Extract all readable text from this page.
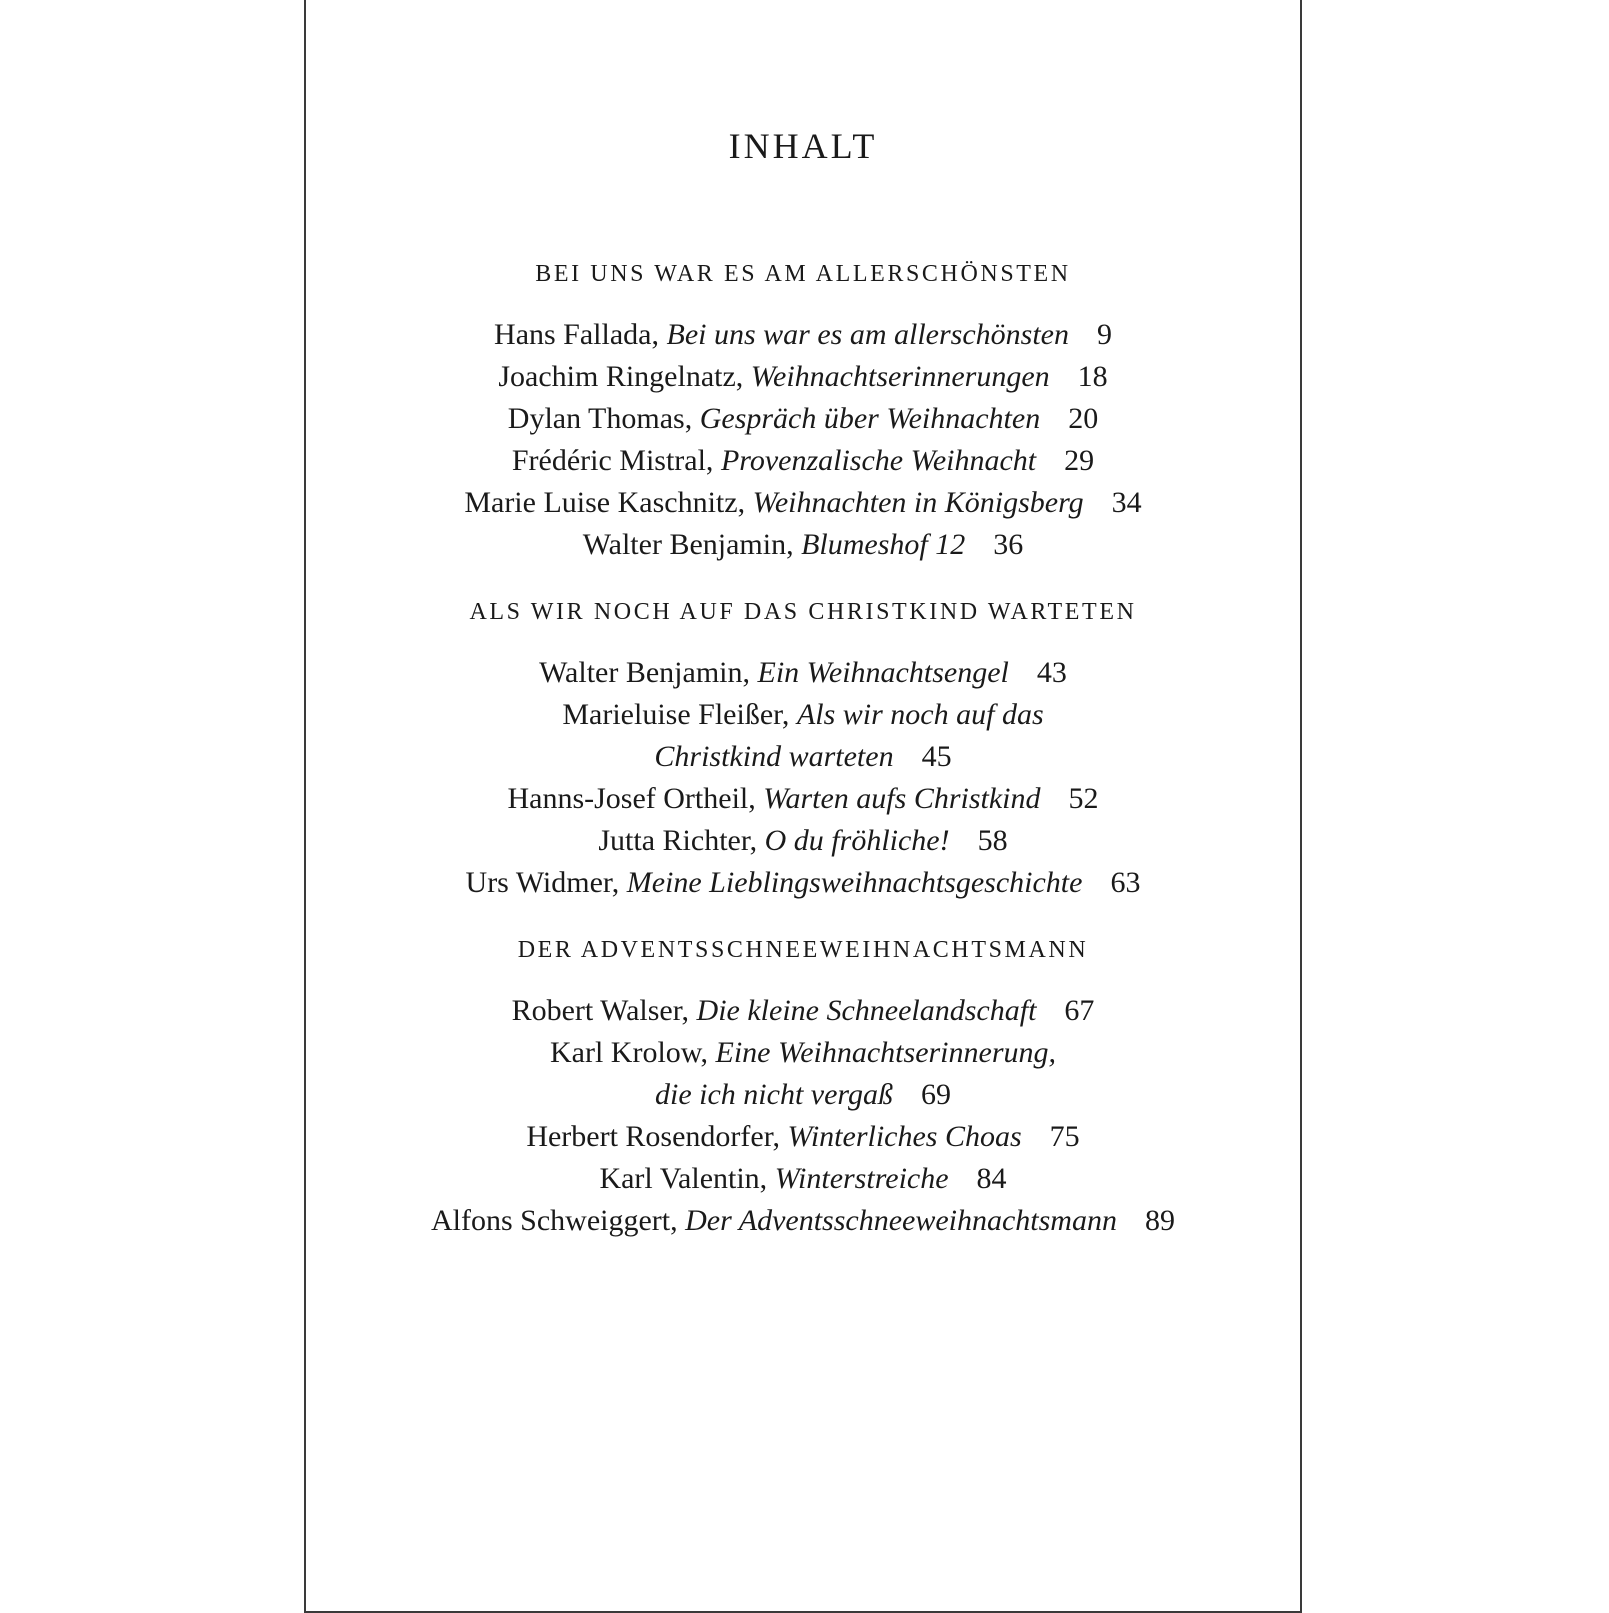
INHALT
BEI UNS WAR ES AM ALLERSCHÖNSTEN

Hans Fallada, Bei uns war es am allerschönsten 9

Joachim Ringelnatz, Weihnachtserinnerungen 18

Dylan Thomas, Gespräch über Weihnachten 20

Frédéric Mistral, Provenzalische Weihnacht 29

Marie Luise Kaschnitz, Weihnachten in Königsberg 34

Walter Benjamin, Blumeshof 12 36

ALS WIR NOCH AUF DAS CHRISTKIND WARTETEN

Walter Benjamin, Ein Weihnachtsengel 43

Marieluise Fleißer, Als wir noch auf das
Christkind warteten 45

Hanns-Josef Ortheil, Warten aufs Christkind 52

Jutta Richter, O du fröhliche! 58

Urs Widmer, Meine Lieblingsweihnachtsgeschichte 63

DER ADVENTSSCHNEEWEIHNACHTSMANN

Robert Walser, Die kleine Schneelandschaft 67

Karl Krolow, Eine Weihnachtserinnerung,
die ich nicht vergaß 69

Herbert Rosendorfer, Winterliches Choas 75

Karl Valentin, Winterstreiche 84

Alfons Schweiggert, Der Adventsschneeweihnachtsmann 89
